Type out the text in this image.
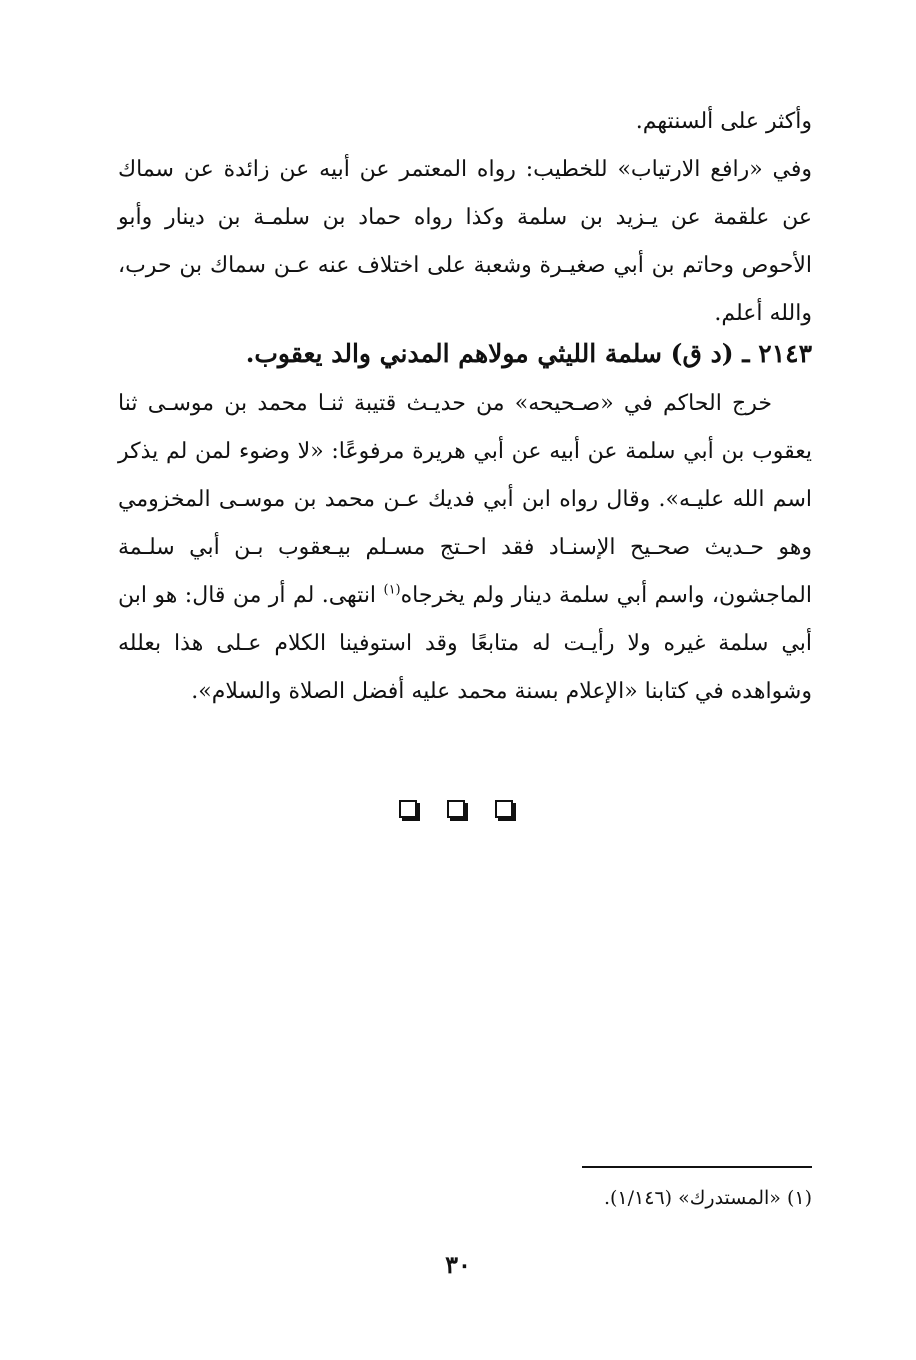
وأكثر على ألسنتهم.

وفي «رافع الارتياب» للخطيب: رواه المعتمر عن أبيه عن زائدة عن سماك عن علقمة عن يـزيد بن سلمة وكذا رواه حماد بن سلمـة بن دينار وأبو الأحوص وحاتم بن أبي صغيـرة وشعبة على اختلاف عنه عـن سماك بن حرب، والله أعلم.

٢١٤٣ ـ (د ق) سلمة الليثي مولاهم المدني والد يعقوب.

خرج الحاكم في «صـحيحه» من حديـث قتيبة ثنـا محمد بن موسـى ثنا يعقوب بن أبي سلمة عن أبيه عن أبي هريرة مرفوعًا: «لا وضوء لمن لم يذكر اسم الله عليـه». وقال رواه ابن أبي فديك عـن محمد بن موسـى المخزومي وهو حـديث صحـيح الإسنـاد فقد احـتج مسـلم بيـعقوب بـن أبي سلـمة الماجشون، واسم أبي سلمة دينار ولم يخرجاه$^{(١)}$ انتهى. لم أر من قال: هو ابن أبي سلمة غيره ولا رأيـت له متابعًا وقد استوفينا الكلام عـلى هذا بعلله وشواهده في كتابنا «الإعلام بسنة محمد عليه أفضل الصلاة والسلام».

(١) «المستدرك» (١/١٤٦).

٣٠
